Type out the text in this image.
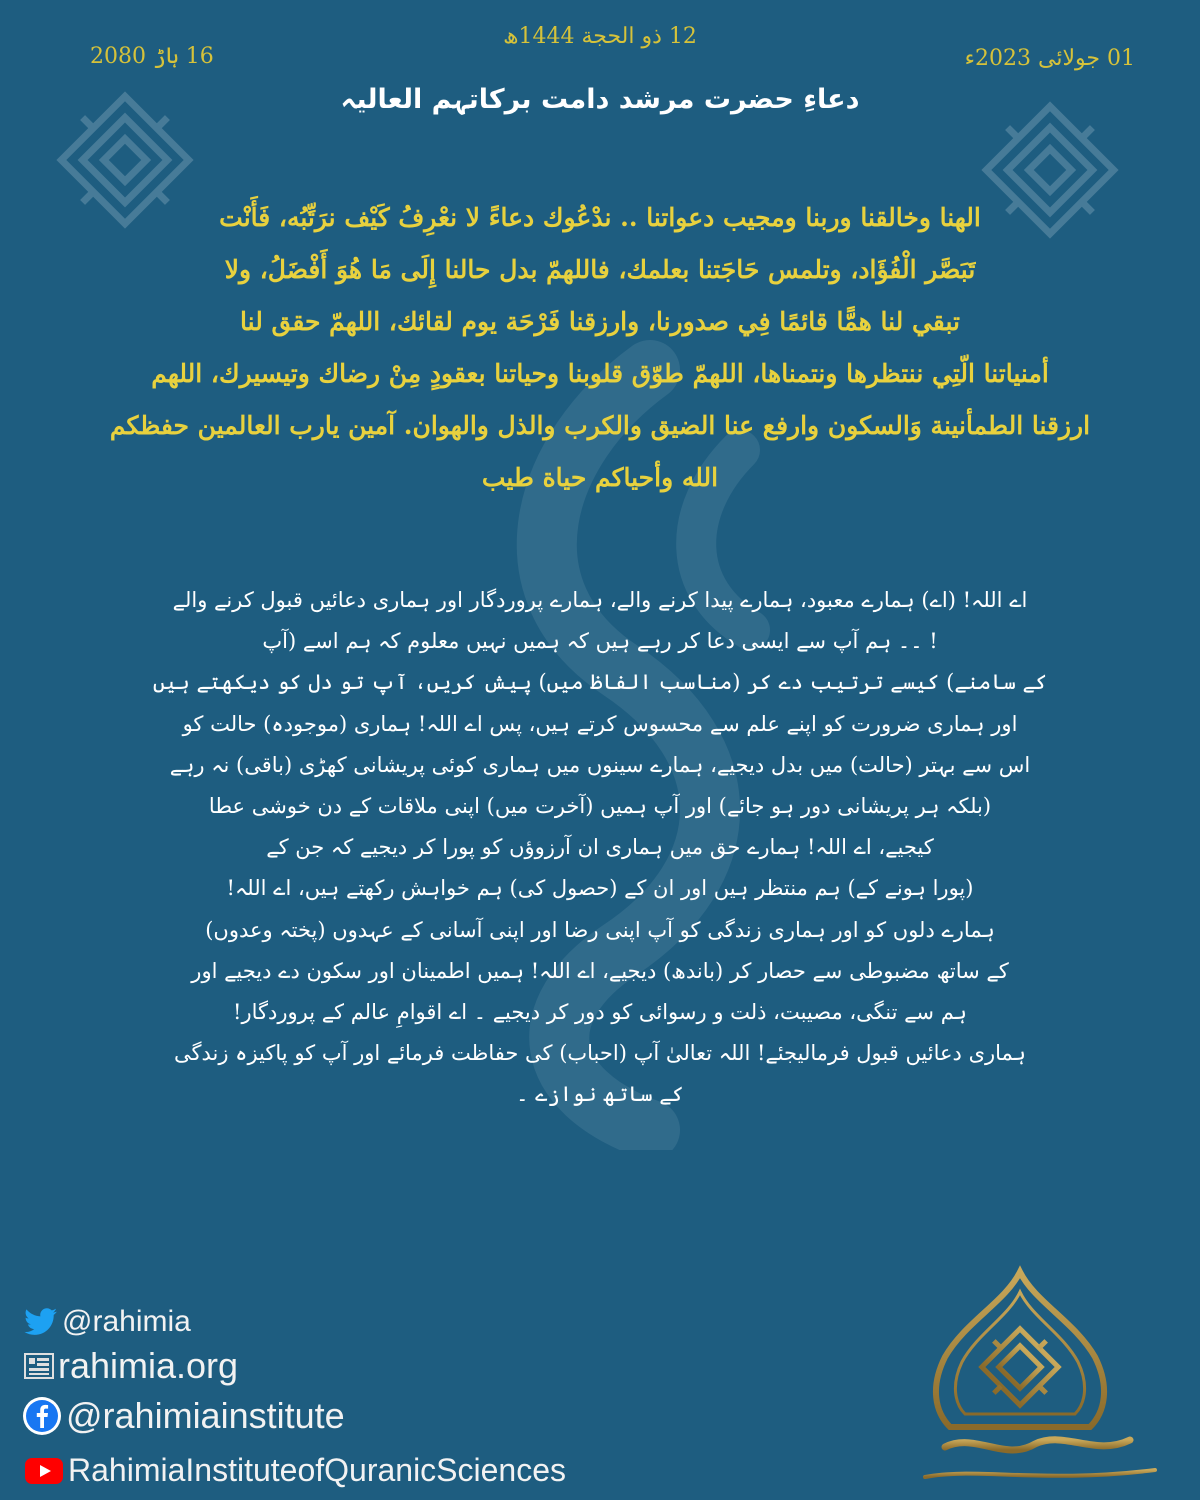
16 ہاڑ 2080
12 ذو الحجة 1444ھ
01 جولائی 2023ء
دعاءِ حضرت مرشد دامت برکاتہم العالیہ
الهنا وخالقنا وربنا ومجيب دعواتنا .. ندْعُوك دعاءً لا نعْرِفُ كَيْف نرَتِّبُه، فَأَنْت
تَبَصَّر الْفُؤَاد، وتلمس حَاجَتنا بعلمك، فاللهمّ بدل حالنا إِلَى مَا هُوَ أَفْضَلُ، ولا
تبقي لنا همًّا قائمًا فِي صدورنا، وارزقنا فَرْحَة يوم لقائك، اللهمّ حقق لنا
أمنياتنا الّتِي ننتظرها ونتمناها، اللهمّ طوّق قلوبنا وحياتنا بعقودٍ مِنْ رضاك وتيسيرك، اللهم
ارزقنا الطمأنينة وَالسكون وارفع عنا الضيق والكرب والذل والهوان. آمين يارب العالمين حفظكم
الله وأحياكم حياة طيب
اے اللہ! (اے) ہمارے معبود، ہمارے پیدا کرنے والے، ہمارے پروردگار اور ہماری دعائیں قبول کرنے والے
! ۔۔ ہم آپ سے ایسی دعا کر رہے ہیں کہ ہمیں نہیں معلوم کہ ہم اسے (آپ
کے سامنے) کیسے ترتیب دے کر (مناسب الفاظ میں) پیش کریں، آپ تو دل کو دیکھتے ہیں
اور ہماری ضرورت کو اپنے علم سے محسوس کرتے ہیں، پس اے اللہ! ہماری (موجودہ) حالت کو
اس سے بہتر (حالت) میں بدل دیجیے، ہمارے سینوں میں ہماری کوئی پریشانی کھڑی (باقی) نہ رہے
(بلکہ ہر پریشانی دور ہو جائے) اور آپ ہمیں (آخرت میں) اپنی ملاقات کے دن خوشی عطا
کیجیے، اے اللہ! ہمارے حق میں ہماری ان آرزوؤں کو پورا کر دیجیے کہ جن کے
(پورا ہونے کے) ہم منتظر ہیں اور ان کے (حصول کی) ہم خواہش رکھتے ہیں، اے اللہ!
ہمارے دلوں کو اور ہماری زندگی کو آپ اپنی رضا اور اپنی آسانی کے عہدوں (پختہ وعدوں)
کے ساتھ مضبوطی سے حصار کر (باندھ) دیجیے، اے اللہ! ہمیں اطمینان اور سکون دے دیجیے اور
ہم سے تنگی، مصیبت، ذلت و رسوائی کو دور کر دیجیے ۔ اے اقوامِ عالم کے پروردگار!
ہماری دعائیں قبول فرمالیجئے! اللہ تعالیٰ آپ (احباب) کی حفاظت فرمائے اور آپ کو پاکیزہ زندگی
کے ساتھ نوازے ۔
@rahimia
rahimia.org
@rahimiainstitute
RahimiaInstituteofQuranicSciences
